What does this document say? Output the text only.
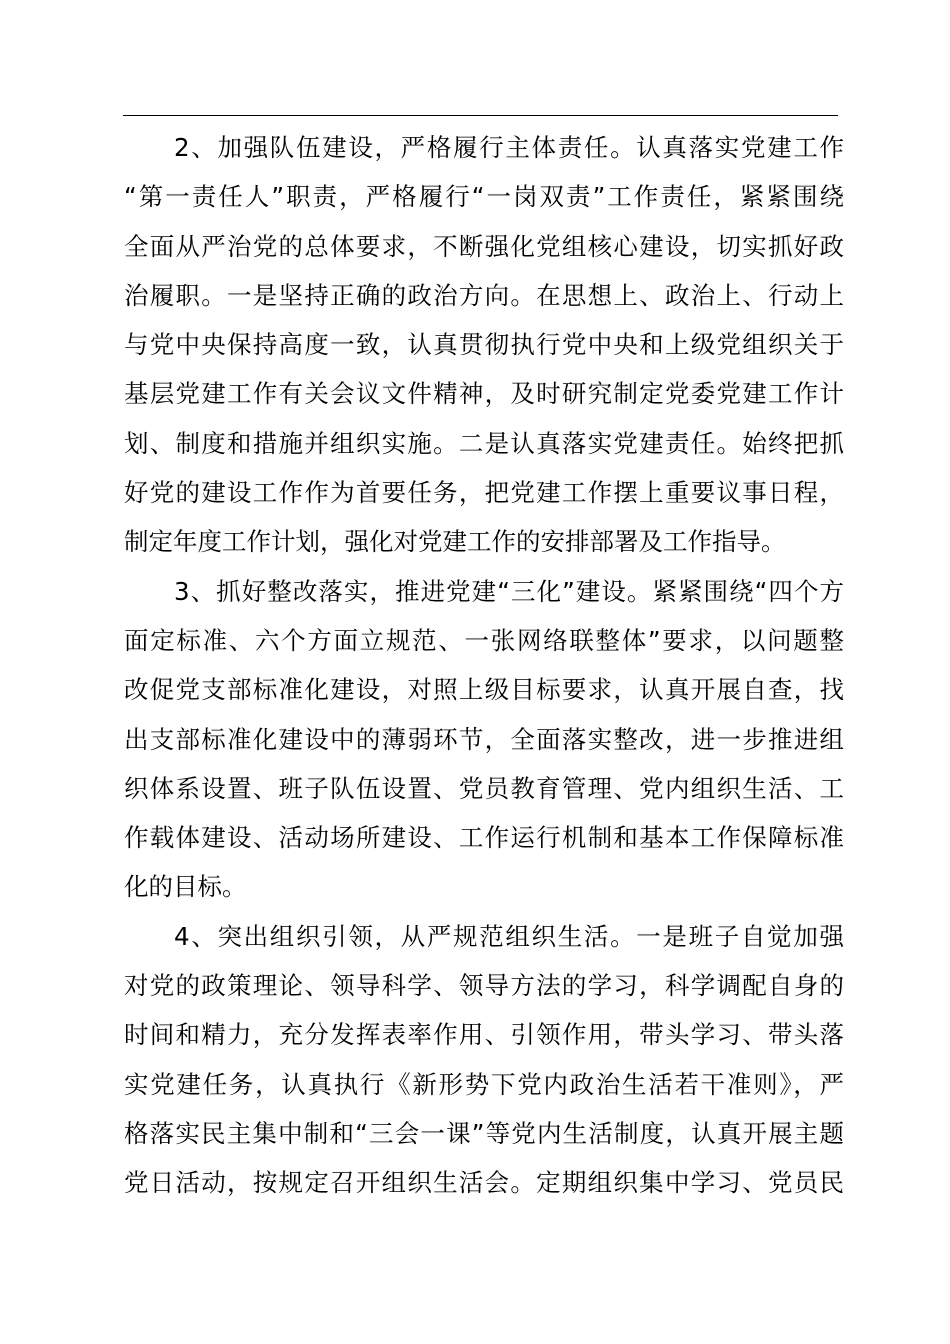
2、加强队伍建设，严格履行主体责任。认真落实党建工作
“第一责任人”职责，严格履行“一岗双责”工作责任，紧紧围绕
全面从严治党的总体要求，不断强化党组核心建设，切实抓好政
治履职。一是坚持正确的政治方向。在思想上、政治上、行动上
与党中央保持高度一致，认真贯彻执行党中央和上级党组织关于
基层党建工作有关会议文件精神，及时研究制定党委党建工作计
划、制度和措施并组织实施。二是认真落实党建责任。始终把抓
好党的建设工作作为首要任务，把党建工作摆上重要议事日程，
制定年度工作计划，强化对党建工作的安排部署及工作指导。
3、抓好整改落实，推进党建“三化”建设。紧紧围绕“四个方
面定标准、六个方面立规范、一张网络联整体”要求，以问题整
改促党支部标准化建设，对照上级目标要求，认真开展自查，找
出支部标准化建设中的薄弱环节，全面落实整改，进一步推进组
织体系设置、班子队伍设置、党员教育管理、党内组织生活、工
作载体建设、活动场所建设、工作运行机制和基本工作保障标准
化的目标。
4、突出组织引领，从严规范组织生活。一是班子自觉加强
对党的政策理论、领导科学、领导方法的学习，科学调配自身的
时间和精力，充分发挥表率作用、引领作用，带头学习、带头落
实党建任务，认真执行《新形势下党内政治生活若干准则》，严
格落实民主集中制和“三会一课”等党内生活制度，认真开展主题
党日活动，按规定召开组织生活会。定期组织集中学习、党员民
